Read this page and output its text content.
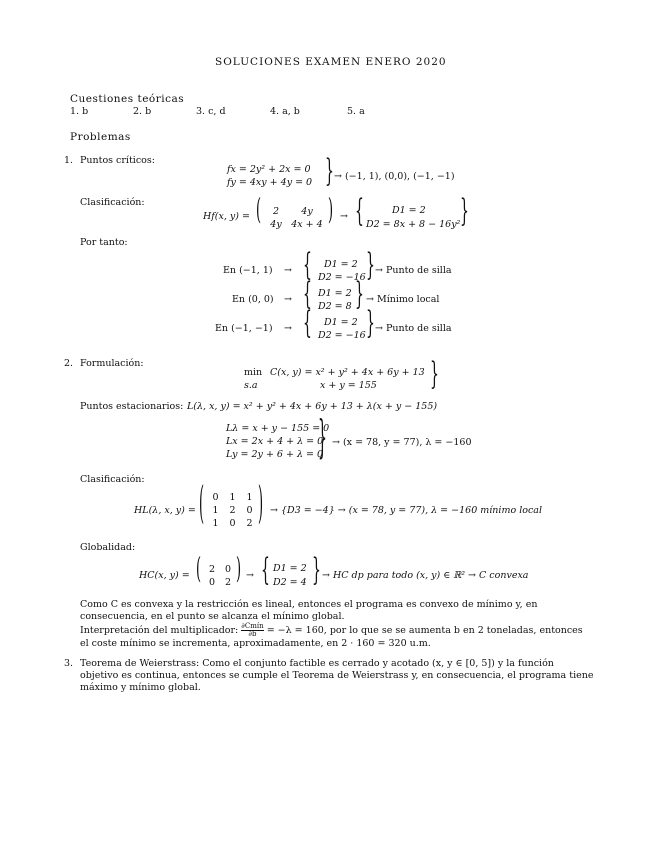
SOLUCIONES EXAMEN ENERO 2020
Cuestiones teóricas
1. b	2. b	3. c, d	4. a, b	5. a
Problemas
1. Puntos críticos:
fx = 2y² + 2x = 0
fy = 4xy + 4y = 0 } → (−1, 1), (0,0), (−1, −1)
Clasificación:
Hf(x, y) = (	2	4y
4y	4x + 4 ) → {	D1 = 2
D2 = 8x + 8 − 16y² }
Por tanto:
En (−1, 1) → { D1 = 2
D2 = −16 } → Punto de silla
En (0, 0) → { D1 = 2
D2 = 8 } → Mínimo local
En (−1, −1) → { D1 = 2
D2 = −16 } → Punto de silla
2. Formulación:
min C(x, y) = x² + y² + 4x + 6y + 13
s.a	x + y = 155	}
Puntos estacionarios: L(λ, x, y) = x² + y² + 4x + 6y + 13 + λ(x + y − 155)
Lλ = x + y − 155 = 0
Lx = 2x + 4 + λ = 0
Ly = 2y + 6 + λ = 0
} → (x = 78, y = 77), λ = −160
Clasificación:
HL(λ, x, y) = ( 0	1	1
1	2	0
1	0	2 ) → {D3 = −4} → (x = 78, y = 77), λ = −160 mínimo local
Globalidad:
HC(x, y) = ( 2	0
0	2 ) → { D1 = 2
D2 = 4 } → HC dp para todo (x, y) ∈ ℝ² → C convexa
Como C es convexa y la restricción es lineal, entonces el programa es convexo de mínimo y, en consecuencia, en el punto se alcanza el mínimo global.
Interpretación del multiplicador: ∂Cmín
∂b	= −λ = 160, por lo que se se aumenta b en 2 toneladas, entonces el coste mínimo se incrementa, aproximadamente, en 2 · 160 = 320 u.m.
3. Teorema de Weierstrass: Como el conjunto factible es cerrado y acotado (x, y ∈ [0, 5]) y la función objetivo es continua, entonces se cumple el Teorema de Weierstrass y, en consecuencia, el programa tiene máximo y mínimo global.
